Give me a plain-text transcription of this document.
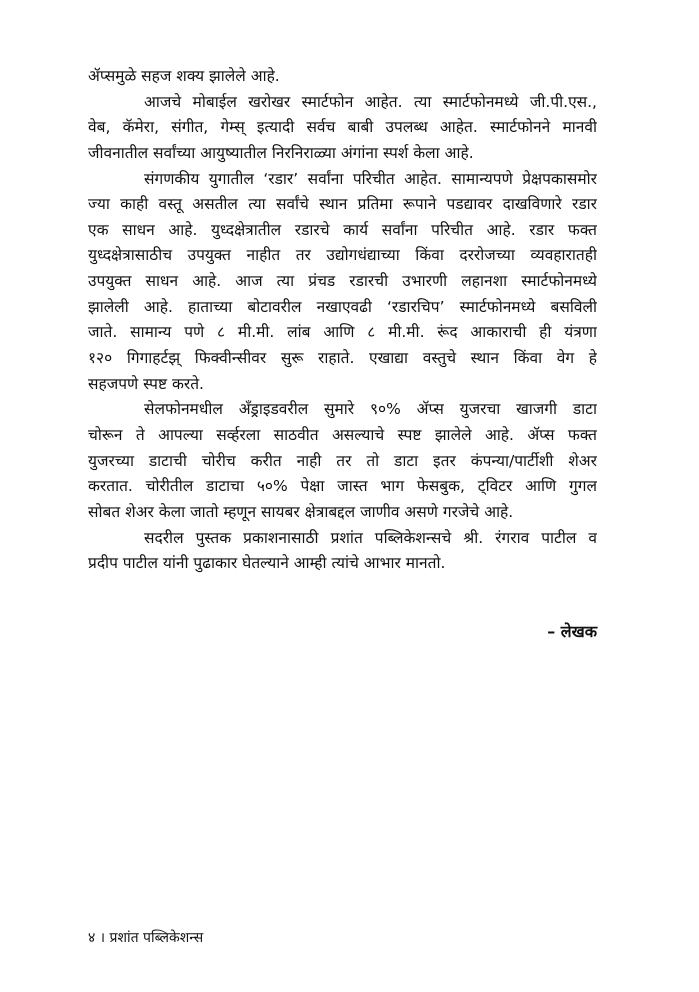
ॲप्समुळे सहज शक्य झालेले आहे.
आजचे मोबाईल खरोखर स्मार्टफोन आहेत. त्या स्मार्टफोनमध्ये जी.पी.एस.,
वेब, कॅमेरा, संगीत, गेम्स् इत्यादी सर्वच बाबी उपलब्ध आहेत. स्मार्टफोनने मानवी
जीवनातील सर्वांच्या आयुष्यातील निरनिराळ्या अंगांना स्पर्श केला आहे.
संगणकीय युगातील ‘रडार’ सर्वांना परिचीत आहेत. सामान्यपणे प्रेक्षपकासमोर
ज्या काही वस्तू असतील त्या सर्वांचे स्थान प्रतिमा रूपाने पडद्यावर दाखविणारे रडार
एक साधन आहे. युध्दक्षेत्रातील रडारचे कार्य सर्वांना परिचीत आहे. रडार फक्त
युध्दक्षेत्रासाठीच उपयुक्त नाहीत तर उद्योगधंद्याच्या किंवा दररोजच्या व्यवहारातही
उपयुक्त साधन आहे. आज त्या प्रंचड रडारची उभारणी लहानशा स्मार्टफोनमध्ये
झालेली आहे. हाताच्या बोटावरील नखाएवढी ‘रडारचिप’ स्मार्टफोनमध्ये बसविली
जाते. सामान्य पणे ८ मी.मी. लांब आणि ८ मी.मी. रूंद आकाराची ही यंत्रणा
१२० गिगाहर्टझ् फिक्वीन्सीवर सुरू राहाते. एखाद्या वस्तुचे स्थान किंवा वेग हे
सहजपणे स्पष्ट करते.
सेलफोनमधील अँड्राइडवरील सुमारे ९०% ॲप्स युजरचा खाजगी डाटा
चोरून ते आपल्या सर्व्हरला साठवीत असल्याचे स्पष्ट झालेले आहे. ॲप्स फक्त
युजरच्या डाटाची चोरीच करीत नाही तर तो डाटा इतर कंपन्या/पार्टीशी शेअर
करतात. चोरीतील डाटाचा ५०% पेक्षा जास्त भाग फेसबुक, ट्विटर आणि गुगल
सोबत शेअर केला जातो म्हणून सायबर क्षेत्राबद्दल जाणीव असणे गरजेचे आहे.
सदरील पुस्तक प्रकाशनासाठी प्रशांत पब्लिकेशन्सचे श्री. रंगराव पाटील व
प्रदीप पाटील यांनी पुढाकार घेतल्याने आम्ही त्यांचे आभार मानतो.
– लेखक
४ । प्रशांत पब्लिकेशन्स
